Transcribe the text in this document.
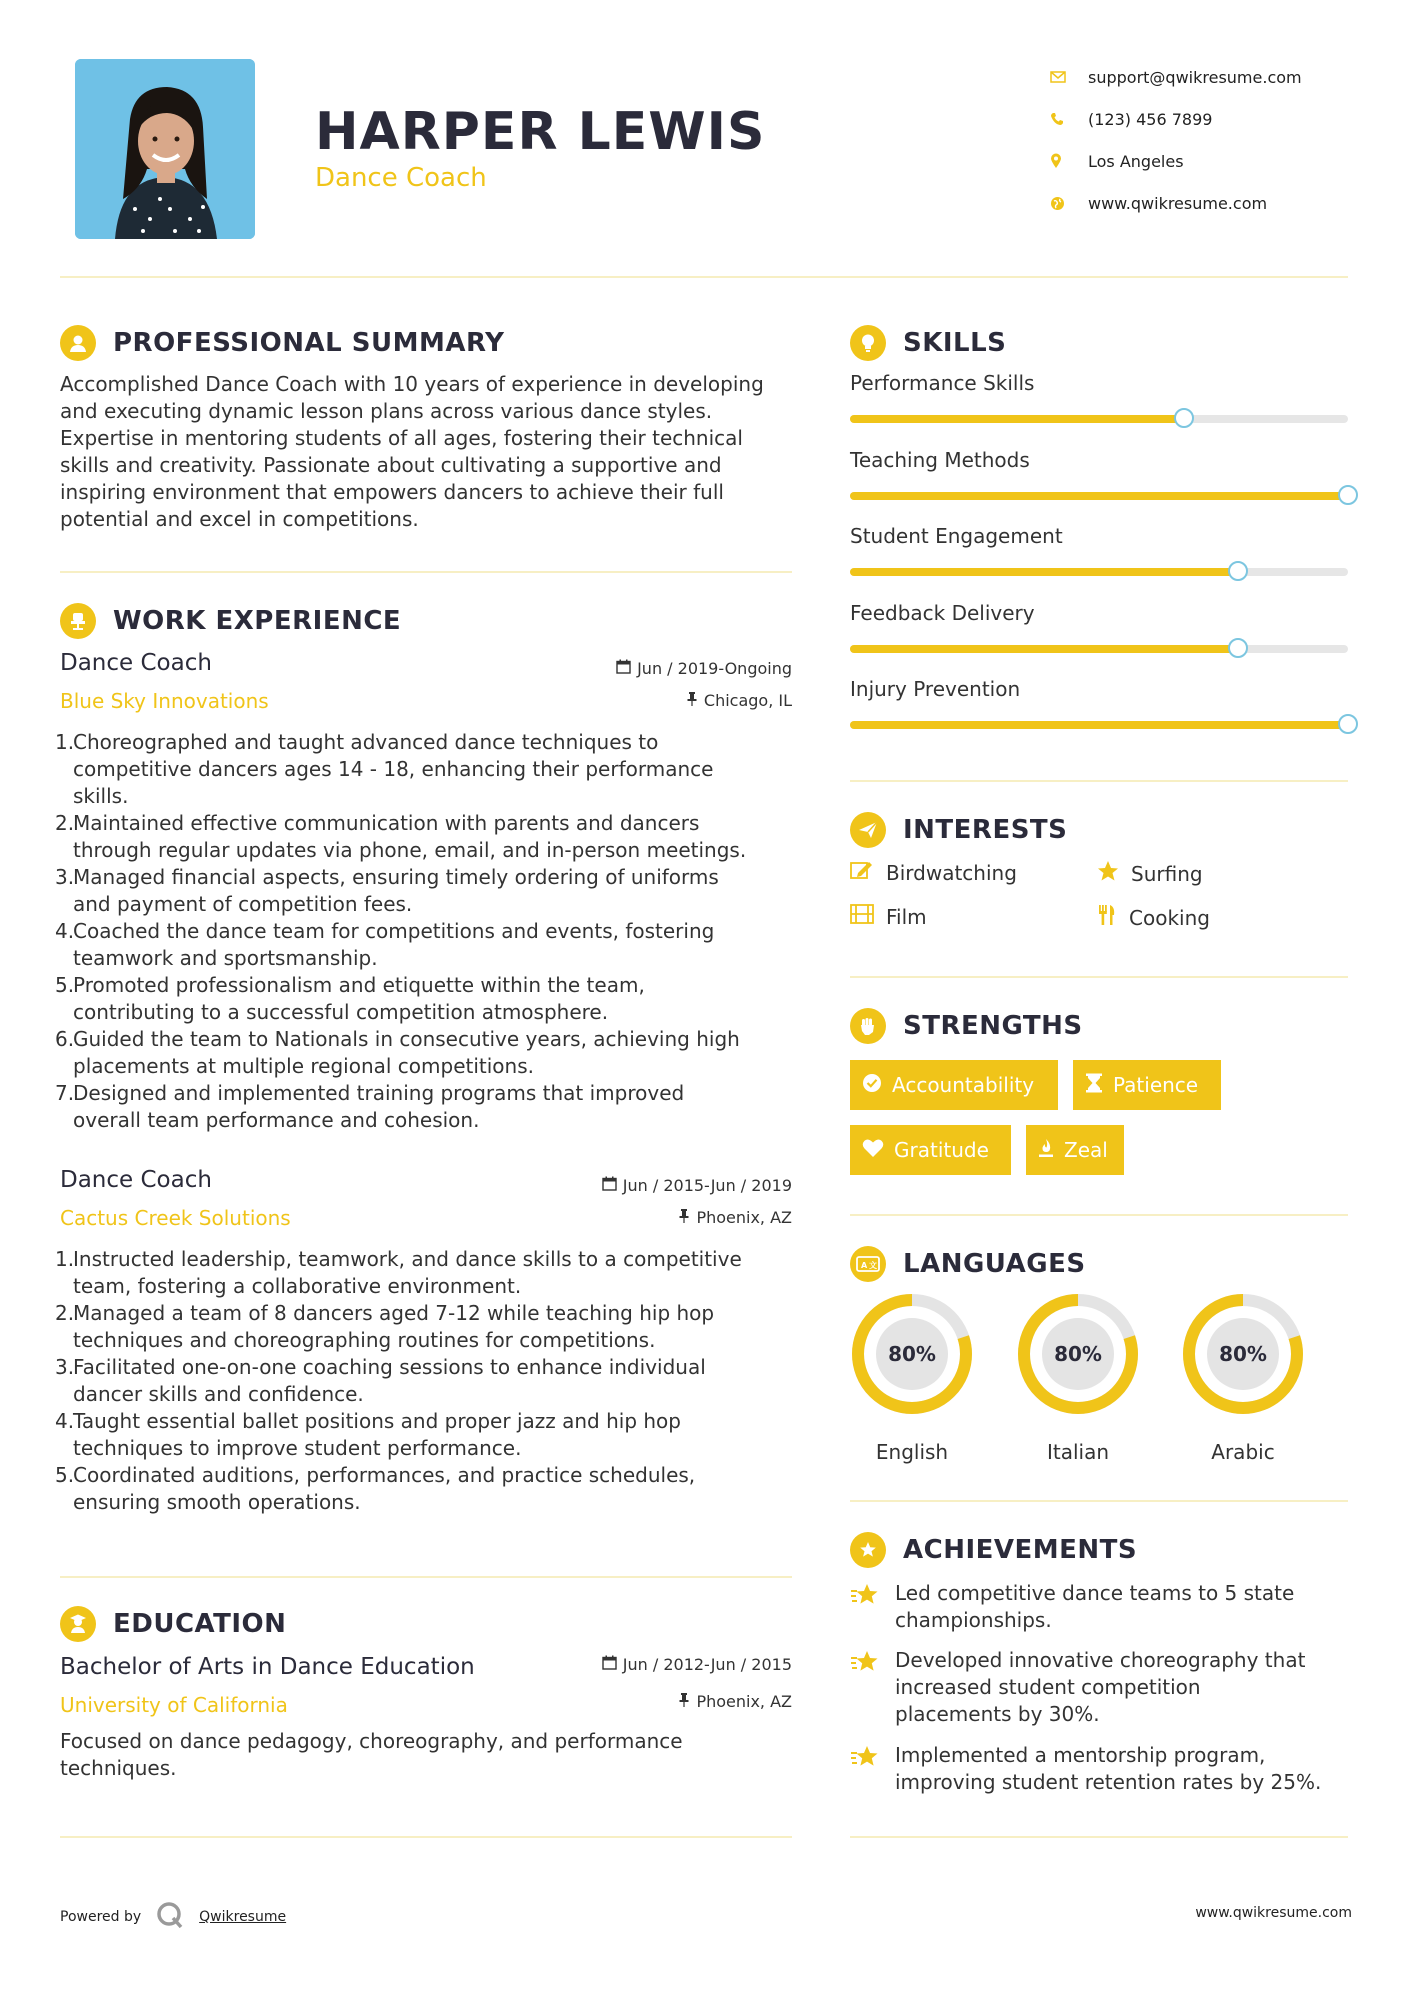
HARPER LEWIS
Dance Coach
support@qwikresume.com
(123) 456 7899
Los Angeles
www.qwikresume.com
PROFESSIONAL SUMMARY
Accomplished Dance Coach with 10 years of experience in developing
and executing dynamic lesson plans across various dance styles.
Expertise in mentoring students of all ages, fostering their technical
skills and creativity. Passionate about cultivating a supportive and
inspiring environment that empowers dancers to achieve their full
potential and excel in competitions.
WORK EXPERIENCE
Dance Coach
Blue Sky Innovations
Jun / 2019-Ongoing
Chicago, IL
1.
Choreographed and taught advanced dance techniques to
competitive dancers ages 14 - 18, enhancing their performance
skills.
2.
Maintained effective communication with parents and dancers
through regular updates via phone, email, and in-person meetings.
3.
Managed financial aspects, ensuring timely ordering of uniforms
and payment of competition fees.
4.
Coached the dance team for competitions and events, fostering
teamwork and sportsmanship.
5.
Promoted professionalism and etiquette within the team,
contributing to a successful competition atmosphere.
6.
Guided the team to Nationals in consecutive years, achieving high
placements at multiple regional competitions.
7.
Designed and implemented training programs that improved
overall team performance and cohesion.
Dance Coach
Cactus Creek Solutions
Jun / 2015-Jun / 2019
Phoenix, AZ
1.
Instructed leadership, teamwork, and dance skills to a competitive
team, fostering a collaborative environment.
2.
Managed a team of 8 dancers aged 7-12 while teaching hip hop
techniques and choreographing routines for competitions.
3.
Facilitated one-on-one coaching sessions to enhance individual
dancer skills and confidence.
4.
Taught essential ballet positions and proper jazz and hip hop
techniques to improve student performance.
5.
Coordinated auditions, performances, and practice schedules,
ensuring smooth operations.
EDUCATION
Bachelor of Arts in Dance Education
University of California
Jun / 2012-Jun / 2015
Phoenix, AZ
Focused on dance pedagogy, choreography, and performance
techniques.
SKILLS
Performance Skills
Teaching Methods
Student Engagement
Feedback Delivery
Injury Prevention
INTERESTS
Birdwatching	Surfing
Film	Cooking
STRENGTHS
Accountability	Patience
Gratitude	Zeal
A 文 LANGUAGES
80%
English
80%
Italian
80%
Arabic
ACHIEVEMENTS
Led competitive dance teams to 5 state
championships.
Developed innovative choreography that
increased student competition
placements by 30%.
Implemented a mentorship program,
improving student retention rates by 25%.
Powered by	Qwikresume	www.qwikresume.com
